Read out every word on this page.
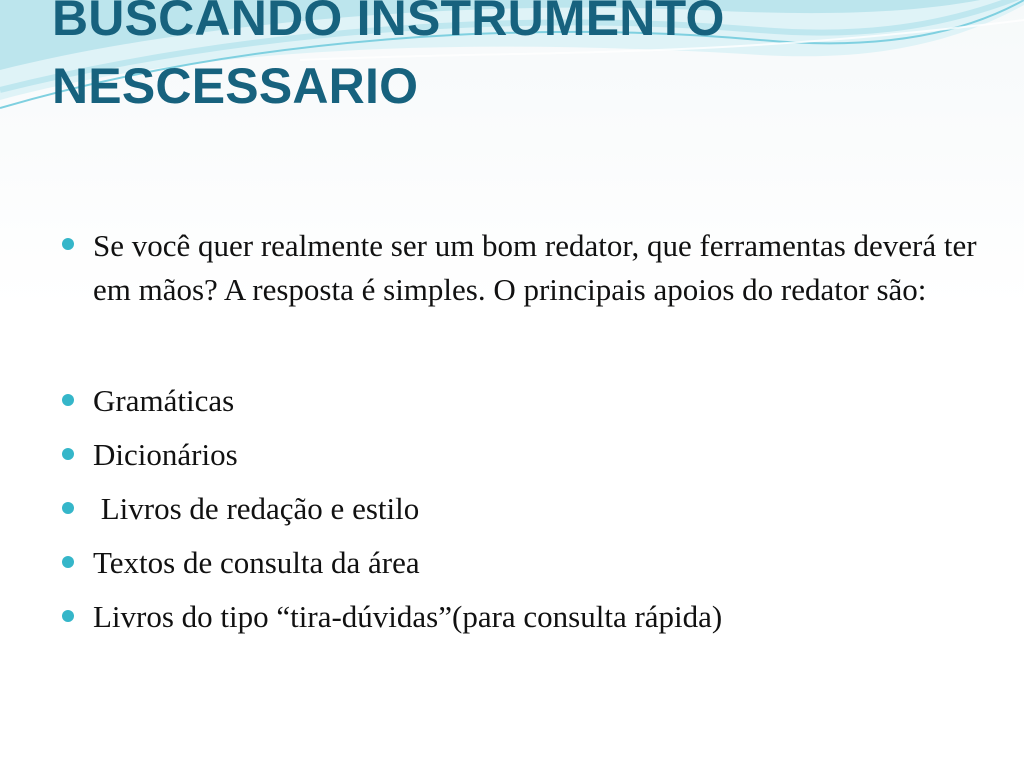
BUSCANDO INSTRUMENTO
NESCESSARIO
Se você quer realmente ser um bom redator, que ferramentas deverá ter em mãos? A resposta é simples. O principais apoios do redator são:
Gramáticas
Dicionários
Livros de redação e estilo
Textos de consulta da área
Livros do tipo “tira-dúvidas”(para consulta rápida)
